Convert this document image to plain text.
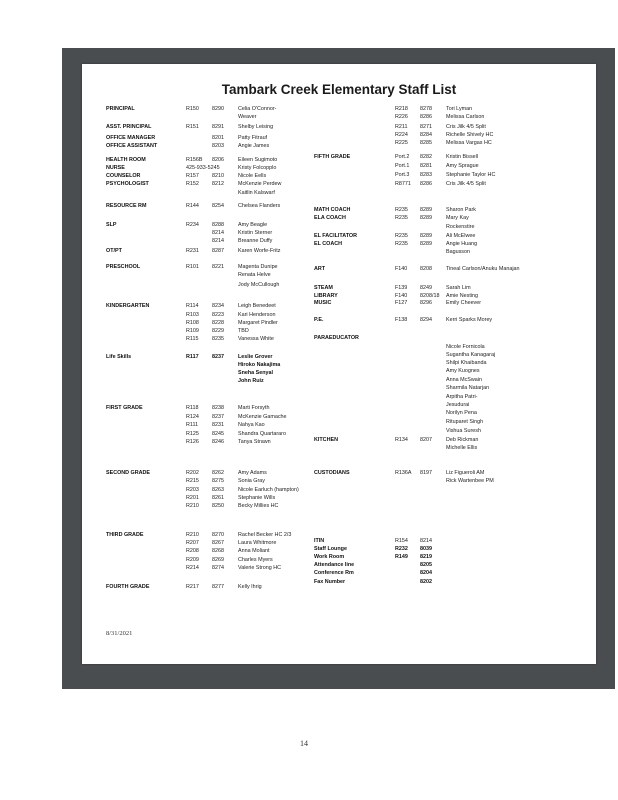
Tambark Creek Elementary Staff List
PRINCIPAL	R150 8290	Celia O'Connor-
Weaver
ASST. PRINCIPAL	R151 8291	Shelby Leising
OFFICE MANAGER	8201	Patty Fitrauf
OFFICE ASSISTANT	8203	Angie James
HEALTH ROOM	R156B 8206	Eileen Sugimoto
NURSE	425-933-5245	Kristy Folcopplo
COUNSELOR	R157 8210	Nicole Eells
PSYCHOLOGIST	R152 8212	McKenzie Perdew
Kaitlin Kalswarf
RESOURCE RM	R144 8254	Chelsea Flanders
SLP	R234 8288	Amy Beagle
8214	Kristin Sterner
8214	Breanne Duffy
OT/PT	R231 8287	Karen Worfe-Fritz
PRESCHOOL	R101 8221	Magenta Dunipe
Renata Helve
Jody McCullough
KINDERGARTEN	R114	8234	Leigh Benedeet
R103 8223	Kari Henderson
R108 8228	Margaret Pindler
R109 8229	TBD
R115	8235	Vanessa White
Life Skills	R117 8237	Leslie Grover
Hiroko Nakajima
Sneha Senyal
John Ruiz
FIRST GRADE	R118	8238	Marti Forsyth
R124 8237	McKenzie Gamache
R111	8231	Nahya Kao
R125 8245	Shandra Quartararo
R126 8246	Tanya Strawn
SECOND GRADE	R202 8262	Amy Adams
R215 8275	Sonia Gray
R203 8263	Nicole Earluch (hampton)
R201 8261	Stephanie Wills
R210 8250	Becky Millies HC
THIRD GRADE	R210 8270	Rachel Becker HC 2/3
R207 8267	Laura Whitmore
R208 8268	Anna Moliant
R209 8269	Charles Myers
R214 8274	Valerie Strong HC
FOURTH GRADE	R217 8277	Kelly Ihrig
R218 8278	Tori Lyman
R226 8286	Melissa Carlson
R211 8271	Cris Jilk 4/5 Split
R224 8284	Richelle Shively HC
R225 8285	Melissa Vargas HC
FIFTH GRADE	Port.2 8282	Kristin Bissell
Port.1 8281	Amy Sprague
Port.3 8283	Stephanie Taylor HC
R8771 8286	Cris Jilk 4/5 Split
MATH COACH	R235 8289	Sharon Park
ELA COACH	R235 8289	Mary Kay
Rockenstire
EL FACILITATOR	R235 8289	Ali McElwee
EL COACH	R235 8289	Angie Huang
Bagusson
ART	F140 8208	Tineal Carlson/Anuku Manajan
STEAM	F139 8249	Sarah Lim
LIBRARY	F140 8208/18 Amie Nesting
MUSIC	F127 8296	Emily Cheever
P.E.	F138 8294	Kerri Sparks Morey
PARAEDUCATOR
Nicole Fornicola
Sugantha Kanagaraj
Shilpi Khaibanda
Amy Kuognes
Anna McSwain
Sharmila Natarjan
Arpitha Patri-
Jesudurai
Norilyn Pena
Rituparet Singh
Vishua Suresh
KITCHEN	R134 8207	Deb Rickman
Michelle Ellis
CUSTODIANS	R136A 8197	Liz Figueroli AM
Rick Wartenbee PM
ITIN	R154 8214
Staff Lounge	R232 8039
Work Room	R149 8219
Attendance line	8205
Conference Rm	8204
Fax Number	8202
8/31/2021
14
